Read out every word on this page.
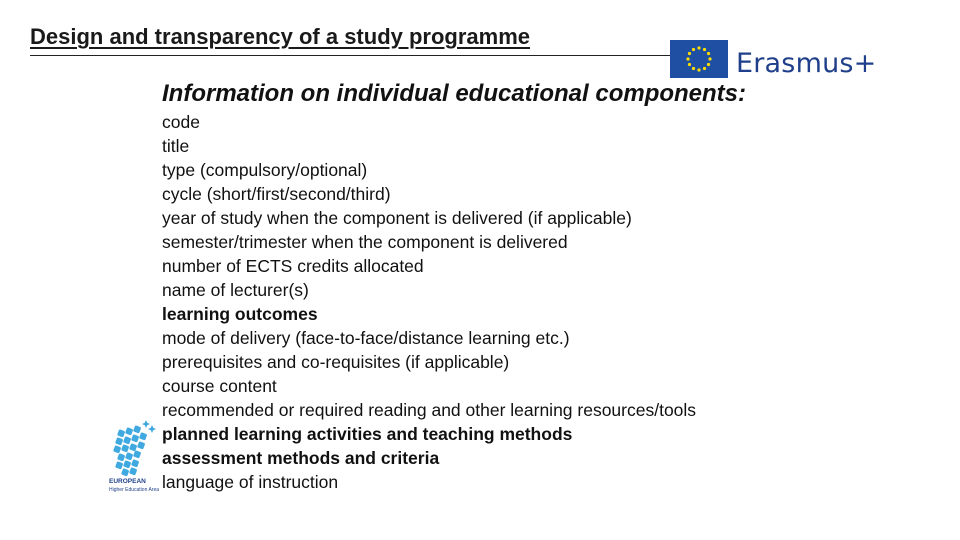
Design and transparency of a study programme
Erasmus+
Information on individual educational components:
code
title
type (compulsory/optional)
cycle (short/first/second/third)
year of study when the component is delivered (if applicable)
semester/trimester when the component is delivered
number of ECTS credits allocated
name of lecturer(s)
learning outcomes
mode of delivery (face-to-face/distance learning etc.)
prerequisites and co-requisites (if applicable)
course content
recommended or required reading and other learning resources/tools
planned learning activities and teaching methods
assessment methods and criteria
language of instruction
EUROPEAN
Higher Education Area
